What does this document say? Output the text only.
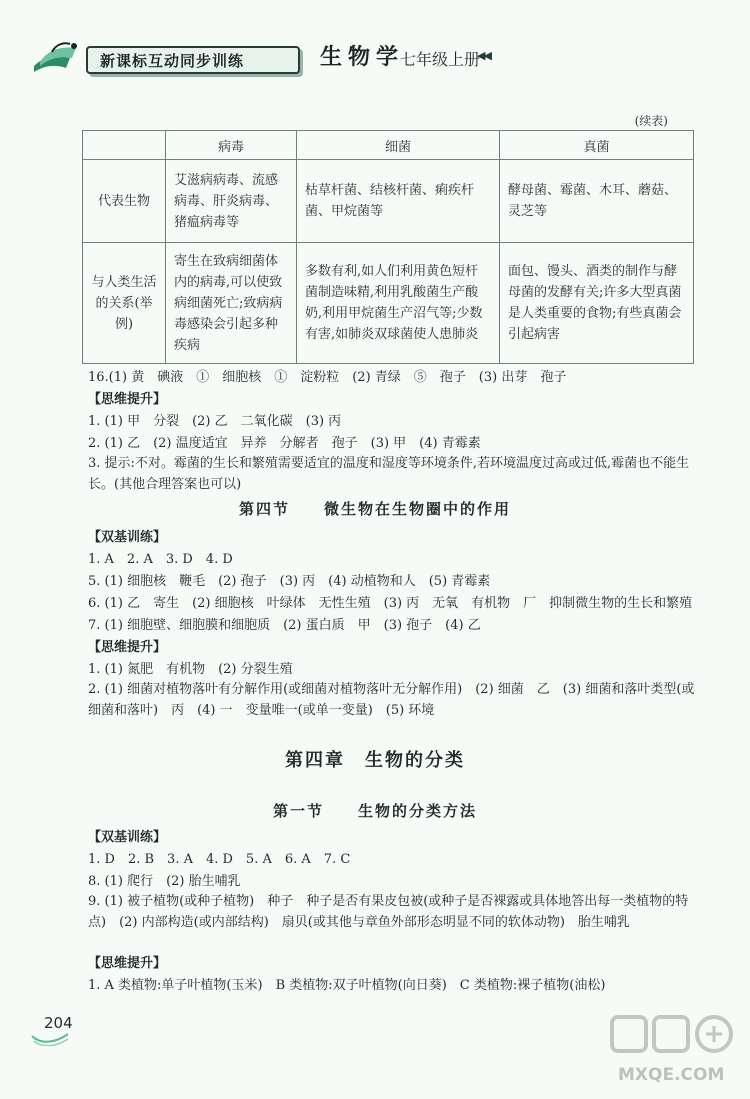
新课标互动同步训练	生物学
七年级上册
◀◀
(续表)
	病毒	细菌	真菌
代表生物	艾滋病病毒、流感病毒、肝炎病毒、猪瘟病毒等	枯草杆菌、结核杆菌、痢疾杆菌、甲烷菌等	酵母菌、霉菌、木耳、蘑菇、灵芝等
与人类生活的关系(举例)	寄生在致病细菌体内的病毒,可以使致病细菌死亡;致病病毒感染会引起多种疾病	多数有利,如人们利用黄色短杆菌制造味精,利用乳酸菌生产酸奶,利用甲烷菌生产沼气等;少数有害,如肺炎双球菌使人患肺炎	面包、馒头、酒类的制作与酵母菌的发酵有关;许多大型真菌是人类重要的食物;有些真菌会引起病害
16.(1) 黄　碘液　①　细胞核　①　淀粉粒　(2) 青绿　⑤　孢子　(3) 出芽　孢子
【思维提升】
1. (1) 甲　分裂　(2) 乙　二氧化碳　(3) 丙
2. (1) 乙　(2) 温度适宜　异养　分解者　孢子　(3) 甲　(4) 青霉素
3. 提示:不对。霉菌的生长和繁殖需要适宜的温度和湿度等环境条件,若环境温度过高或过低,霉菌也不能生长。(其他合理答案也可以)
第四节　　微生物在生物圈中的作用
【双基训练】
1. A　2. A　3. D　4. D
5. (1) 细胞核　鞭毛　(2) 孢子　(3) 丙　(4) 动植物和人　(5) 青霉素
6. (1) 乙　寄生　(2) 细胞核　叶绿体　无性生殖　(3) 丙　无氧　有机物　厂　抑制微生物的生长和繁殖
7. (1) 细胞壁、细胞膜和细胞质　(2) 蛋白质　甲　(3) 孢子　(4) 乙
【思维提升】
1. (1) 氮肥　有机物　(2) 分裂生殖
2. (1) 细菌对植物落叶有分解作用(或细菌对植物落叶无分解作用)　(2) 细菌　乙　(3) 细菌和落叶类型(或细菌和落叶)　丙　(4) 一　变量唯一(或单一变量)　(5) 环境
第四章　生物的分类
第一节　　生物的分类方法
【双基训练】
1. D　2. B　3. A　4. D　5. A　6. A　7. C
8. (1) 爬行　(2) 胎生哺乳
9. (1) 被子植物(或种子植物)　种子　种子是否有果皮包被(或种子是否裸露或具体地答出每一类植物的特点)　(2) 内部构造(或内部结构)　扇贝(或其他与章鱼外部形态明显不同的软体动物)　胎生哺乳
【思维提升】
1. A 类植物:单子叶植物(玉米)　B 类植物:双子叶植物(向日葵)　C 类植物:裸子植物(油松)
204
MXQE.COM
